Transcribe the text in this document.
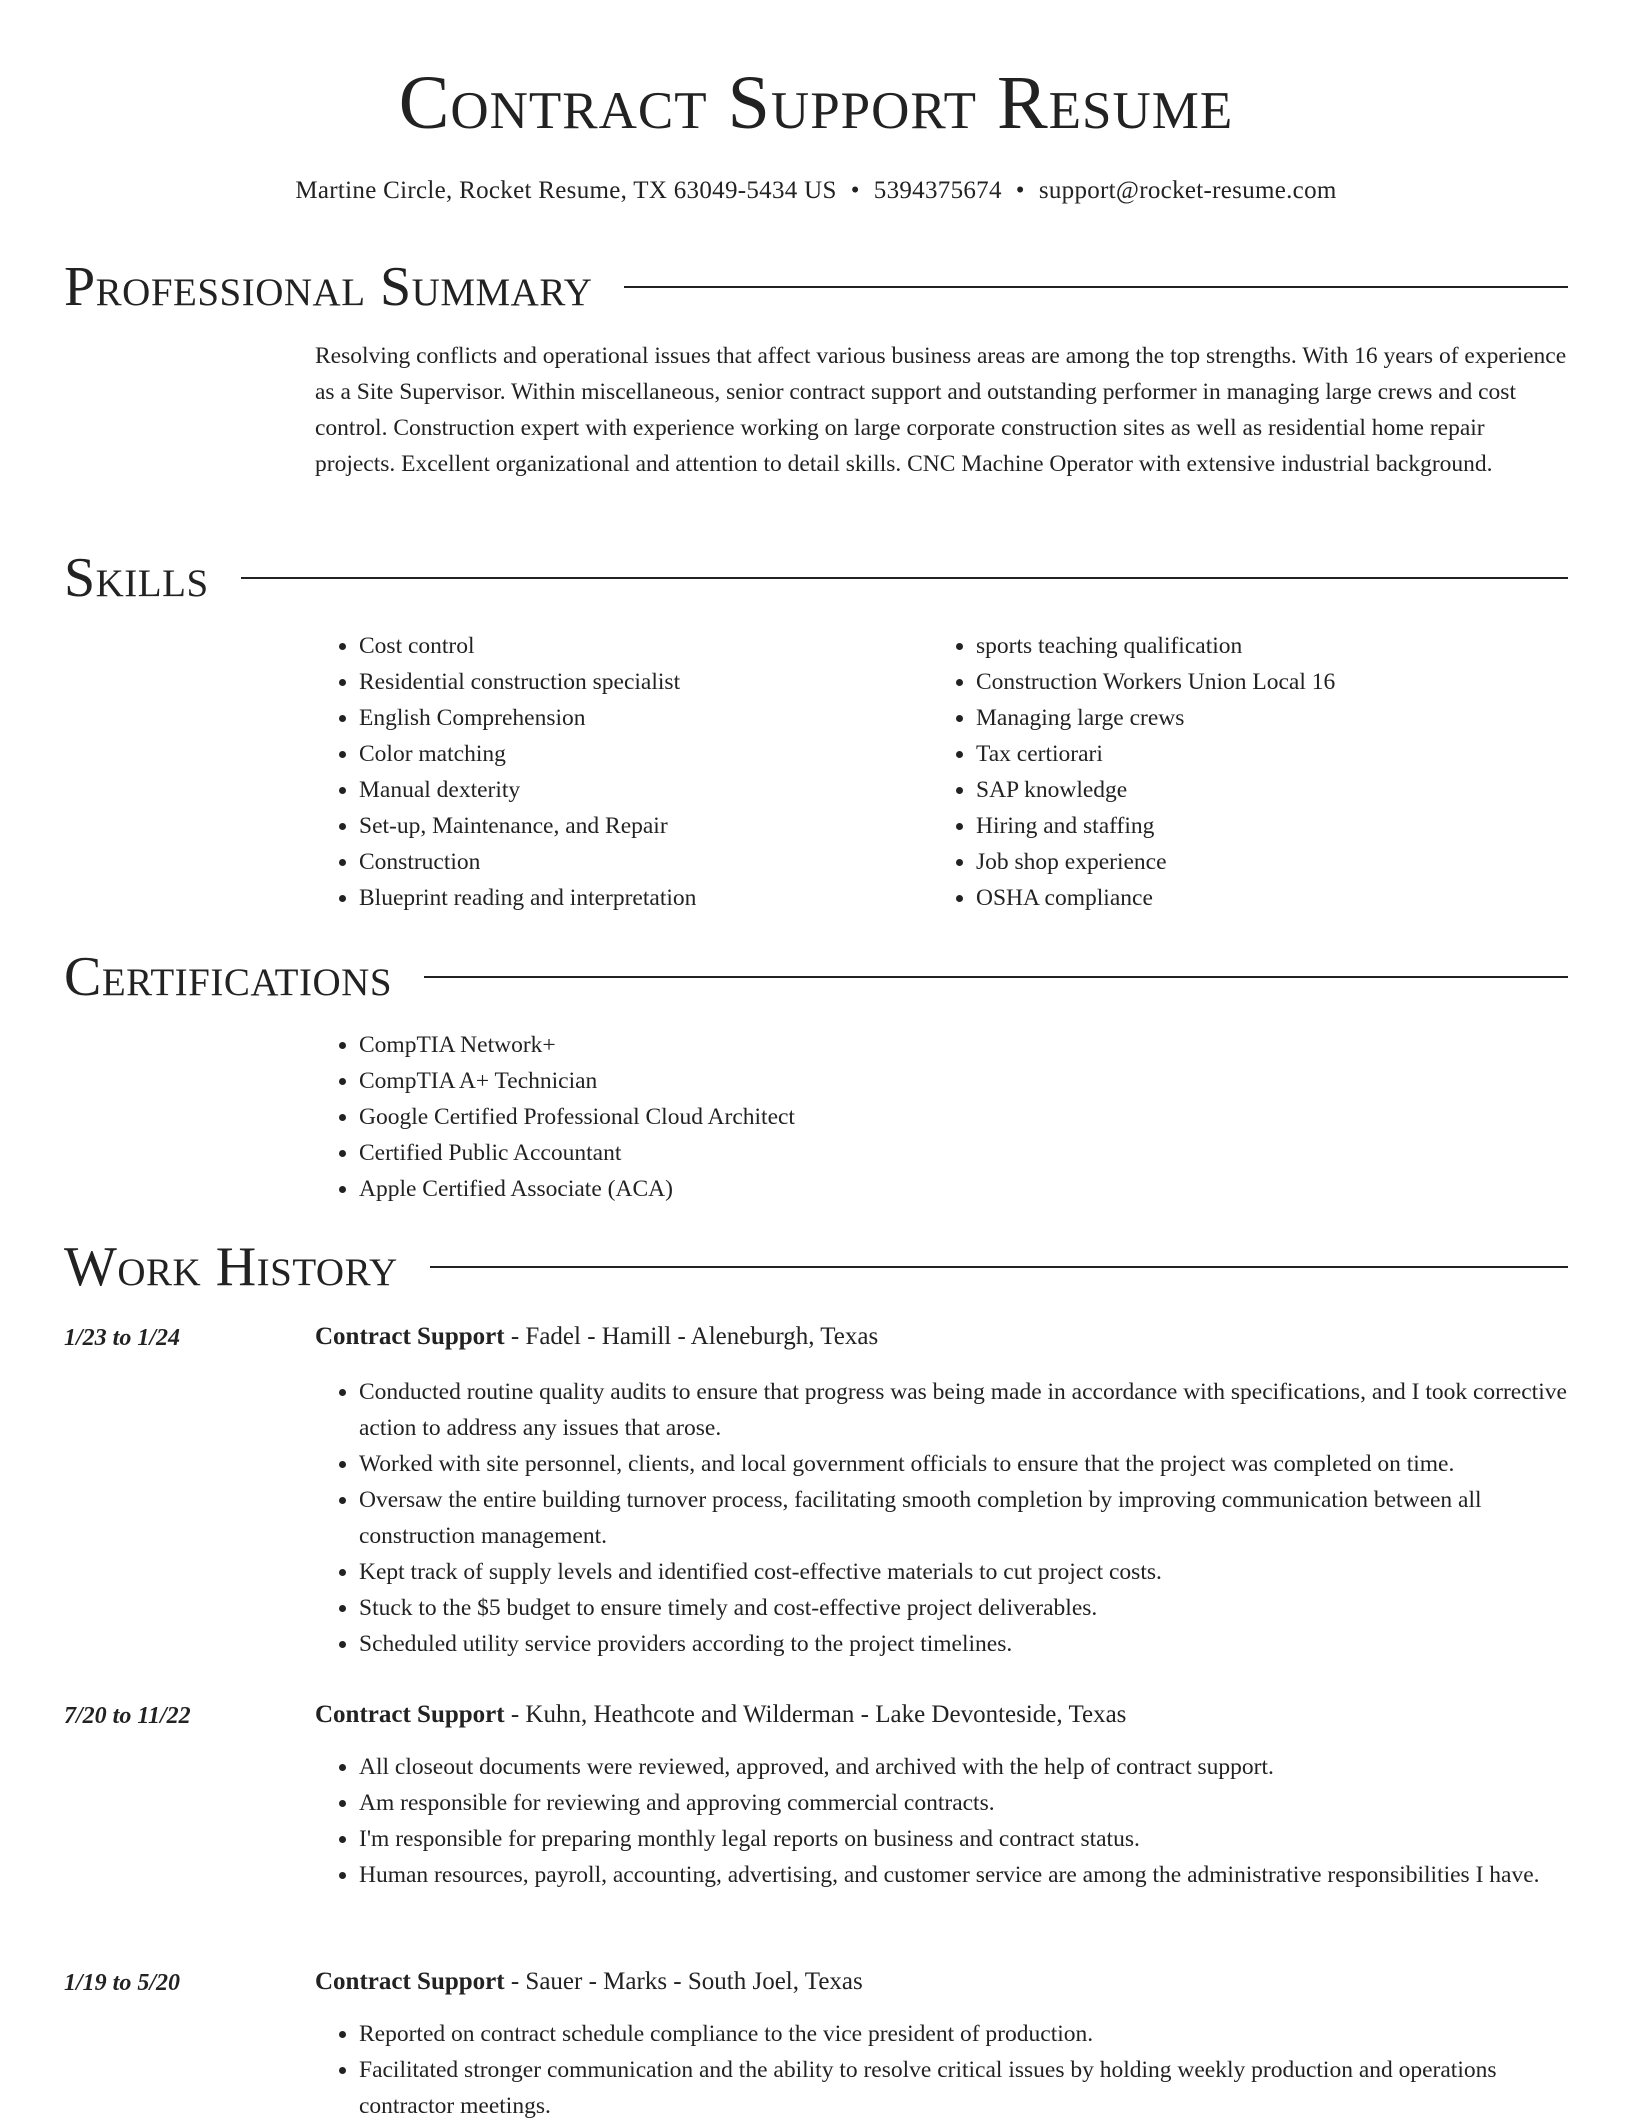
Contract Support Resume
Martine Circle, Rocket Resume, TX 63049-5434 US • 5394375674 • support@rocket-resume.com
Professional Summary

Resolving conflicts and operational issues that affect various business areas are among the top strengths. With 16 years of experience as a Site Supervisor. Within miscellaneous, senior contract support and outstanding performer in managing large crews and cost control. Construction expert with experience working on large corporate construction sites as well as residential home repair projects. Excellent organizational and attention to detail skills. CNC Machine Operator with extensive industrial background.

Skills
• Cost control
• Residential construction specialist
• English Comprehension
• Color matching
• Manual dexterity
• Set-up, Maintenance, and Repair
• Construction
• Blueprint reading and interpretation
• sports teaching qualification
• Construction Workers Union Local 16
• Managing large crews
• Tax certiorari
• SAP knowledge
• Hiring and staffing
• Job shop experience
• OSHA compliance
Certifications
• CompTIA Network+
• CompTIA A+ Technician
• Google Certified Professional Cloud Architect
• Certified Public Accountant
• Apple Certified Associate (ACA)
Work History
1/23 to 1/24	Contract Support - Fadel - Hamill - Aleneburgh, Texas
• Conducted routine quality audits to ensure that progress was being made in accordance with specifications, and I took corrective action to address any issues that arose.
• Worked with site personnel, clients, and local government officials to ensure that the project was completed on time.
• Oversaw the entire building turnover process, facilitating smooth completion by improving communication between all construction management.
• Kept track of supply levels and identified cost-effective materials to cut project costs.
• Stuck to the $5 budget to ensure timely and cost-effective project deliverables.
• Scheduled utility service providers according to the project timelines.
7/20 to 11/22	Contract Support - Kuhn, Heathcote and Wilderman - Lake Devonteside, Texas
• All closeout documents were reviewed, approved, and archived with the help of contract support.
• Am responsible for reviewing and approving commercial contracts.
• I'm responsible for preparing monthly legal reports on business and contract status.
• Human resources, payroll, accounting, advertising, and customer service are among the administrative responsibilities I have.
1/19 to 5/20	Contract Support - Sauer - Marks - South Joel, Texas
• Reported on contract schedule compliance to the vice president of production.
• Facilitated stronger communication and the ability to resolve critical issues by holding weekly production and operations contractor meetings.
